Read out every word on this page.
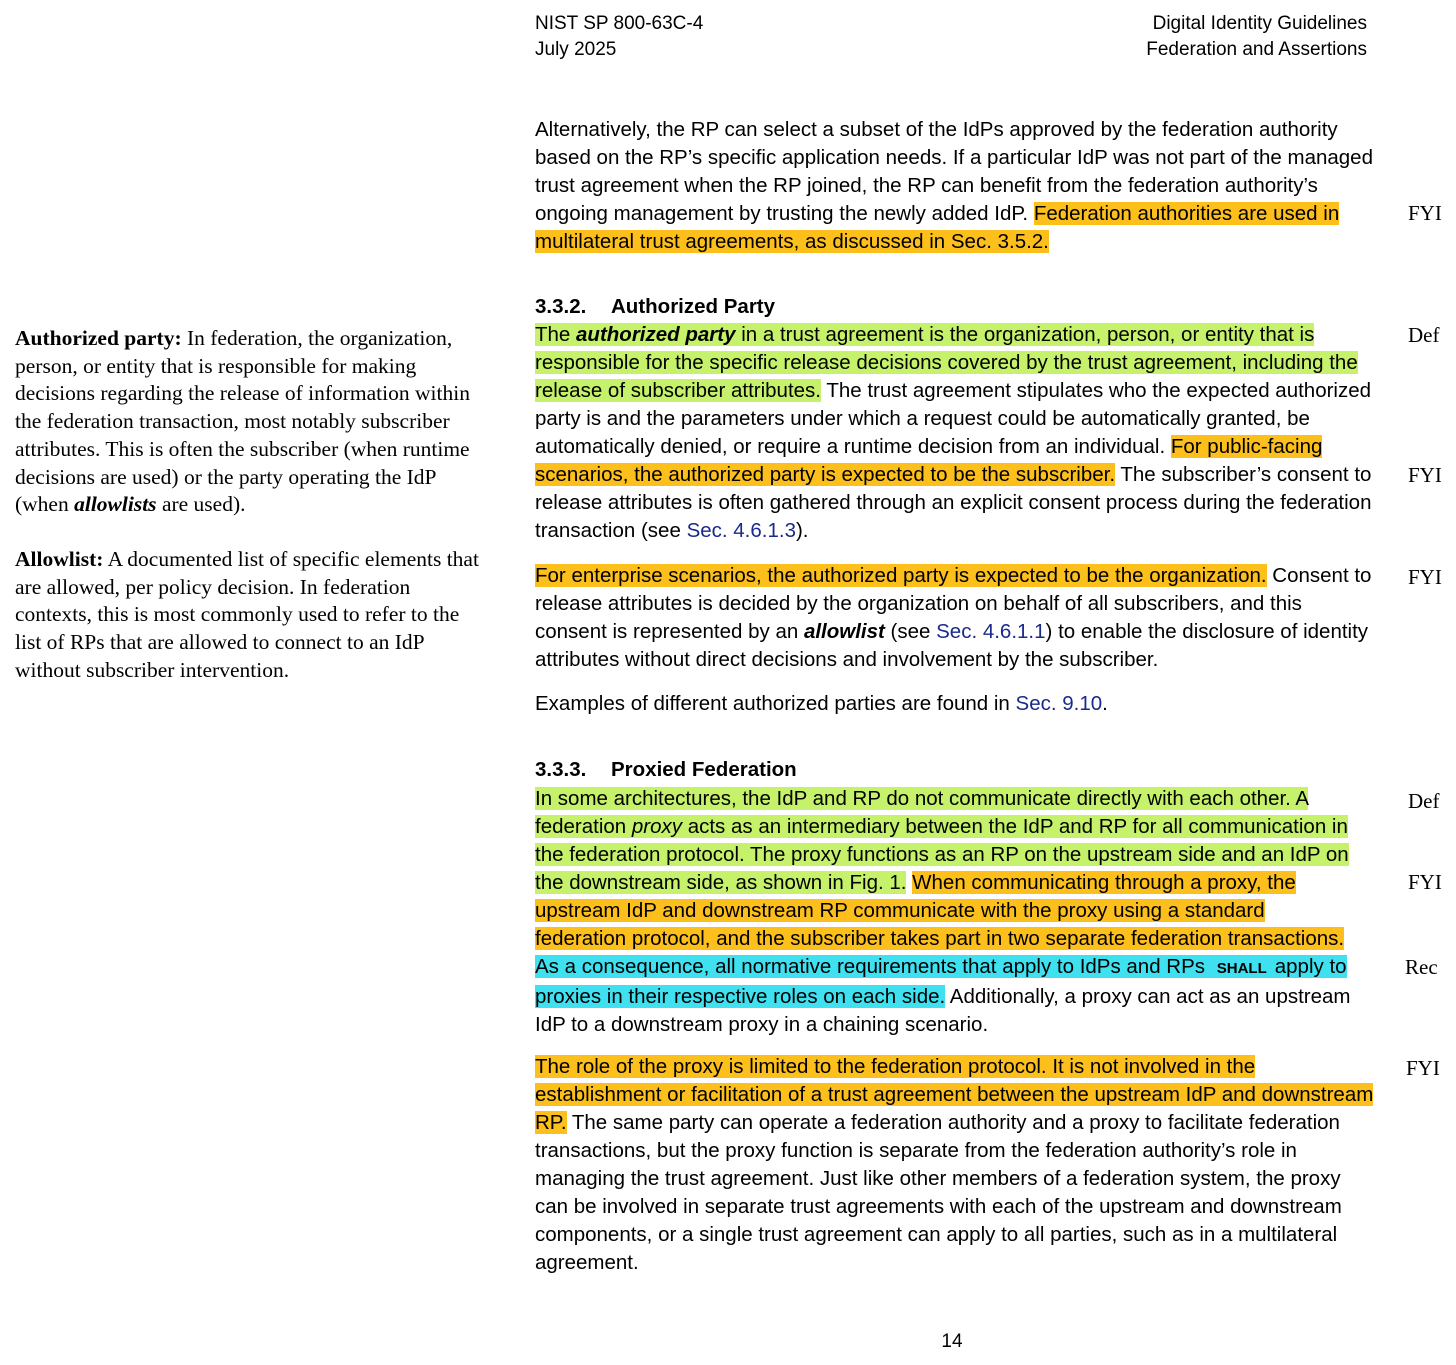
NIST SP 800-63C-4
July 2025
Digital Identity Guidelines
Federation and Assertions
Alternatively, the RP can select a subset of the IdPs approved by the federation authority based on the RP’s specific application needs. If a particular IdP was not part of the managed trust agreement when the RP joined, the RP can benefit from the federation authority’s ongoing management by trusting the newly added IdP. Federation authorities are used in multilateral trust agreements, as discussed in Sec. 3.5.2.
3.3.2. Authorized Party
The authorized party in a trust agreement is the organization, person, or entity that is responsible for the specific release decisions covered by the trust agreement, including the release of subscriber attributes. The trust agreement stipulates who the expected authorized party is and the parameters under which a request could be automatically granted, be automatically denied, or require a runtime decision from an individual. For public-facing scenarios, the authorized party is expected to be the subscriber. The subscriber’s consent to release attributes is often gathered through an explicit consent process during the federation transaction (see Sec. 4.6.1.3).
For enterprise scenarios, the authorized party is expected to be the organization. Consent to release attributes is decided by the organization on behalf of all subscribers, and this consent is represented by an allowlist (see Sec. 4.6.1.1) to enable the disclosure of identity attributes without direct decisions and involvement by the subscriber.
Examples of different authorized parties are found in Sec. 9.10.
3.3.3. Proxied Federation
In some architectures, the IdP and RP do not communicate directly with each other. A federation proxy acts as an intermediary between the IdP and RP for all communication in the federation protocol. The proxy functions as an RP on the upstream side and an IdP on the downstream side, as shown in Fig. 1. When communicating through a proxy, the upstream IdP and downstream RP communicate with the proxy using a standard federation protocol, and the subscriber takes part in two separate federation transactions. As a consequence, all normative requirements that apply to IdPs and RPs SHALL apply to proxies in their respective roles on each side. Additionally, a proxy can act as an upstream IdP to a downstream proxy in a chaining scenario.
The role of the proxy is limited to the federation protocol. It is not involved in the establishment or facilitation of a trust agreement between the upstream IdP and downstream RP. The same party can operate a federation authority and a proxy to facilitate federation transactions, but the proxy function is separate from the federation authority’s role in managing the trust agreement. Just like other members of a federation system, the proxy can be involved in separate trust agreements with each of the upstream and downstream components, or a single trust agreement can apply to all parties, such as in a multilateral agreement.
Authorized party: In federation, the organization, person, or entity that is responsible for making decisions regarding the release of information within the federation transaction, most notably subscriber attributes. This is often the subscriber (when runtime decisions are used) or the party operating the IdP (when allowlists are used).
Allowlist: A documented list of specific elements that are allowed, per policy decision. In federation contexts, this is most commonly used to refer to the list of RPs that are allowed to connect to an IdP without subscriber intervention.
FYI
Def
FYI
FYI
Def
FYI
Rec
FYI
14
